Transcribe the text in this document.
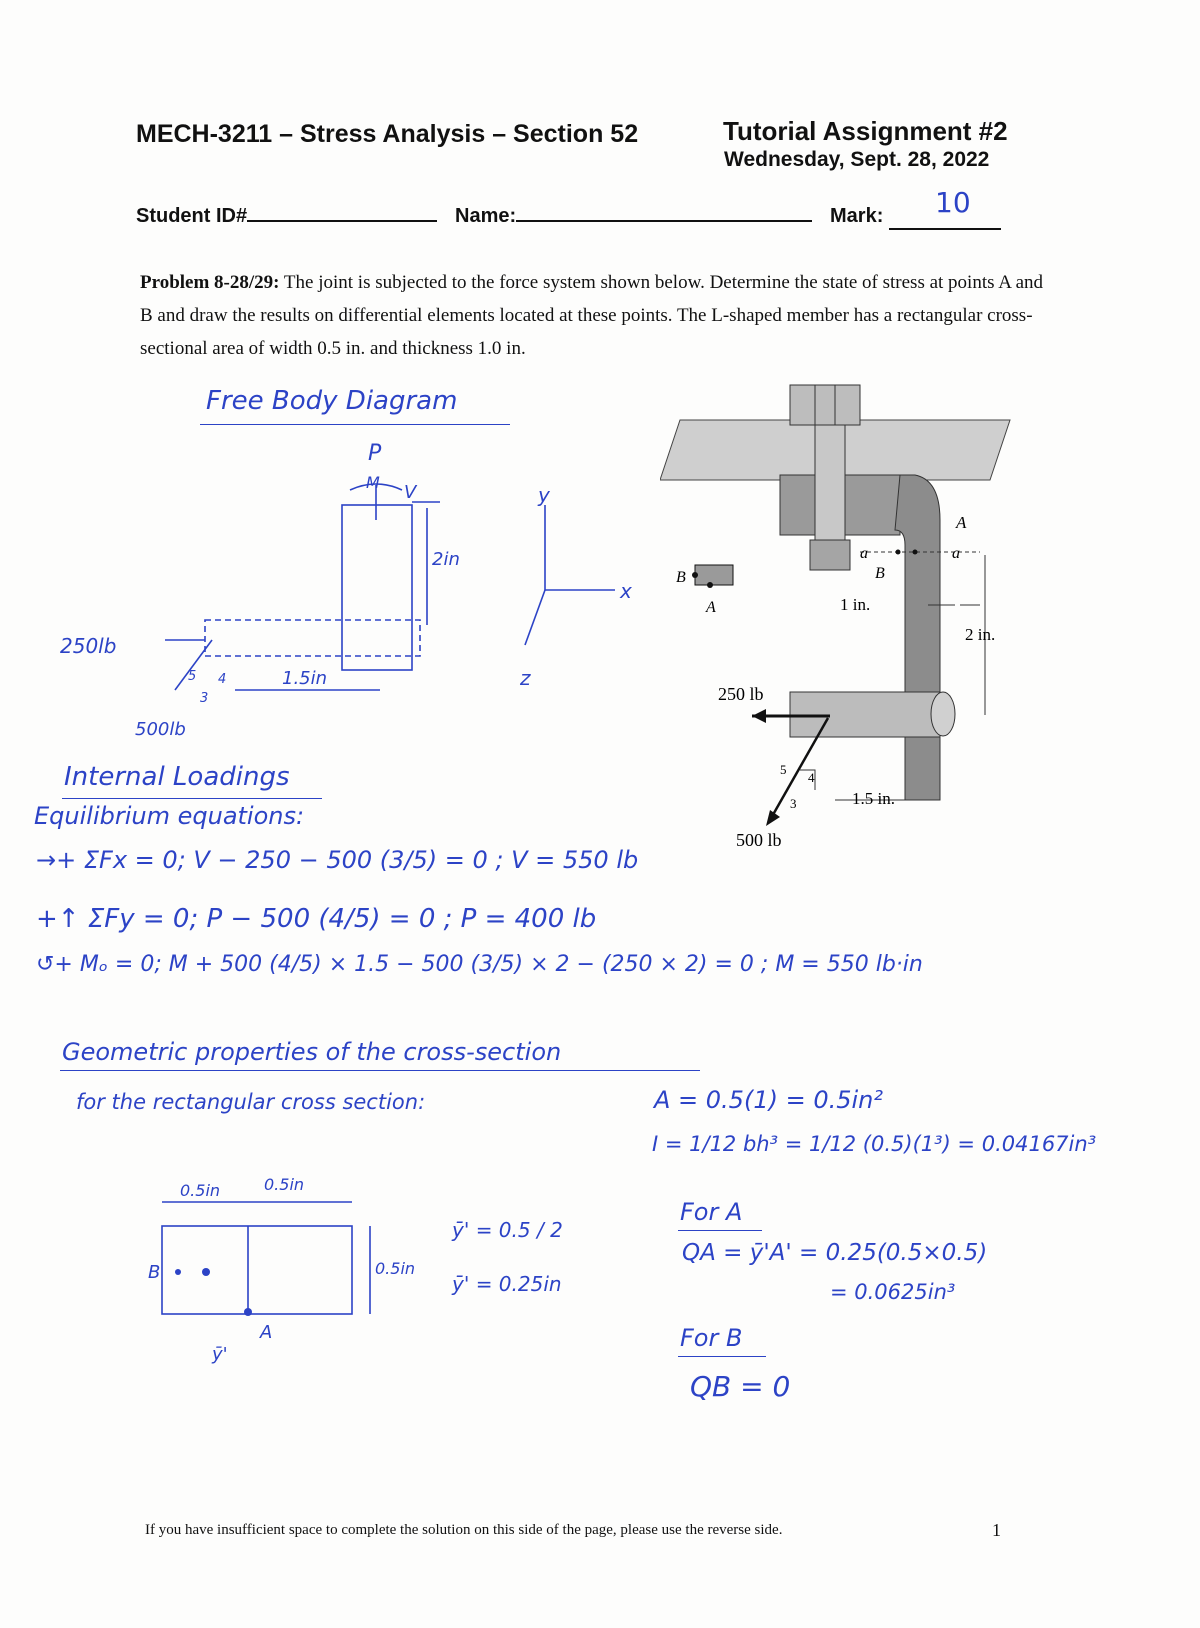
MECH-3211 – Stress Analysis – Section 52	Tutorial Assignment #2
Wednesday, Sept. 28, 2022
Student ID#	Name:	Mark:	10
Problem 8-28/29: The joint is subjected to the force system shown below. Determine the state of stress at points A and B and draw the results on differential elements located at these points. The L-shaped member has a rectangular cross-sectional area of width 0.5 in. and thickness 1.0 in.
A
a	a
B
B
A	1 in.
2 in.
1.5 in.
250 lb
500 lb
5
4
3
Free Body Diagram
P
M V
2in
y
x
z
250lb
500lb
1.5in
5 4
3
Internal Loadings
Equilibrium equations:
→+ ΣFx = 0; V − 250 − 500 (3/5) = 0 ; V = 550 lb
+↑ ΣFy = 0; P − 500 (4/5) = 0 ; P = 400 lb
↺+ Mₒ = 0; M + 500 (4/5) × 1.5 − 500 (3/5) × 2 − (250 × 2) = 0 ; M = 550 lb·in
Geometric properties of the cross-section
for the rectangular cross section:	A = 0.5(1) = 0.5in²
I = 1/12 bh³ = 1/12 (0.5)(1³) = 0.04167in³
0.5in	0.5in
0.5in
B
A
ȳ'
ȳ' = 0.5 / 2
ȳ' = 0.25in
For A
QA = ȳ'A' = 0.25(0.5×0.5)
= 0.0625in³
For B
QB = 0
If you have insufficient space to complete the solution on this side of the page, please use the reverse side.	1
